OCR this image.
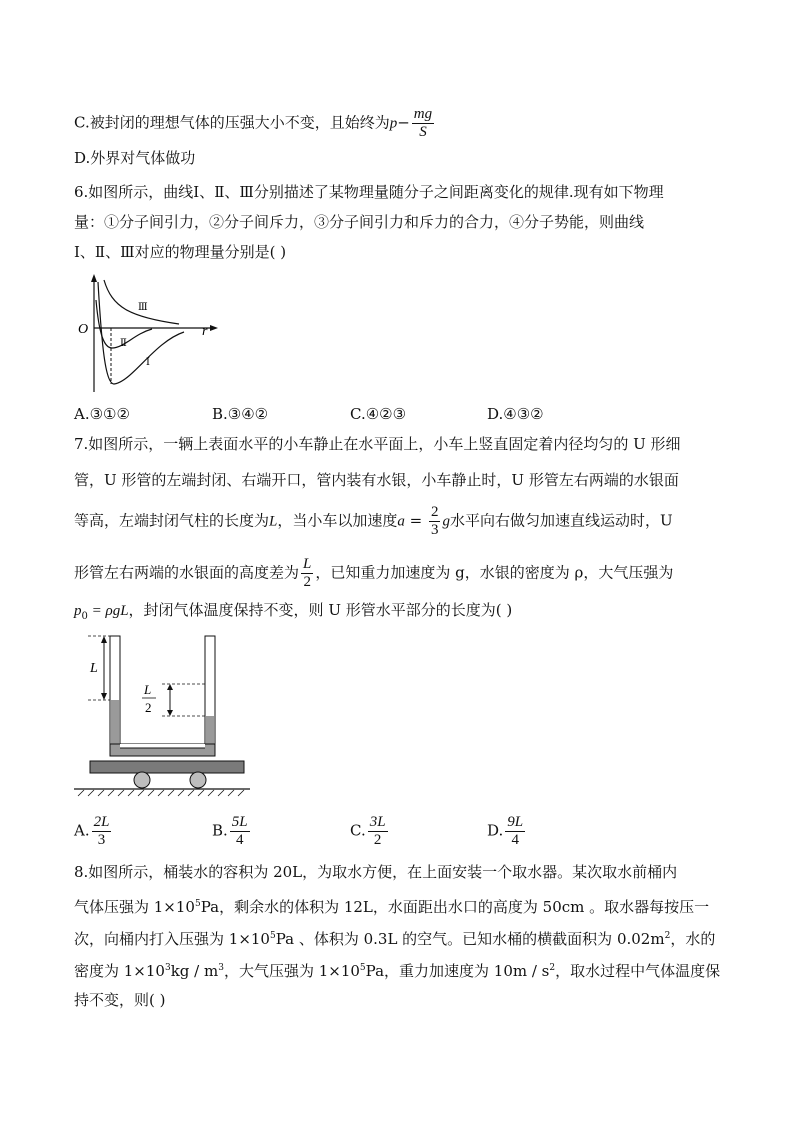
C.被封闭的理想气体的压强大小不变，且始终为$p- \frac{mg}{S}$
D.外界对气体做功
6.如图所示，曲线Ⅰ、Ⅱ、Ⅲ分别描述了某物理量随分子之间距离变化的规律.现有如下物理
量：①分子间引力，②分子间斥力，③分子间引力和斥力的合力，④分子势能，则曲线
Ⅰ、Ⅱ、Ⅲ对应的物理量分别是( )
O	r
Ⅲ
Ⅰ
Ⅱ
A.③①②	B.③④②	C.④②③	D.④③②
7.如图所示，一辆上表面水平的小车静止在水平面上，小车上竖直固定着内径均匀的 U 形细
管，U 形管的左端封闭、右端开口，管内装有水银，小车静止时，U 形管左右两端的水银面
等高，左端封闭气柱的长度为L，当小车以加速度$a = \frac{2}{3}$ g水平向右做匀加速直线运动时，U
形管左右两端的水银面的高度差为 $\frac{L}{2}$ ，已知重力加速度为 g，水银的密度为 ρ，大气压强为
$p_0 = \rho gL$，封闭气体温度保持不变，则 U 形管水平部分的长度为( )
L
L
2
A. $\frac{2L}{3}$	B. $\frac{5L}{4}$	C. $\frac{3L}{2}$	D. $\frac{9L}{4}$
8.如图所示，桶装水的容积为 20L，为取水方便，在上面安装一个取水器。某次取水前桶内
气体压强为 $1\times 10^5Pa$，剩余水的体积为 12L，水面距出水口的高度为 50cm 。取水器每按压一
次，向桶内打入压强为 $1\times 10^5Pa$ 、体积为 0.3L 的空气。已知水桶的横截面积为 $0.02m^2$，水的
密度为 $1\times 10^3kg / m^3$，大气压强为 $1\times 10^5Pa$，重力加速度为 $10m / s^2$，取水过程中气体温度保
持不变，则( )
